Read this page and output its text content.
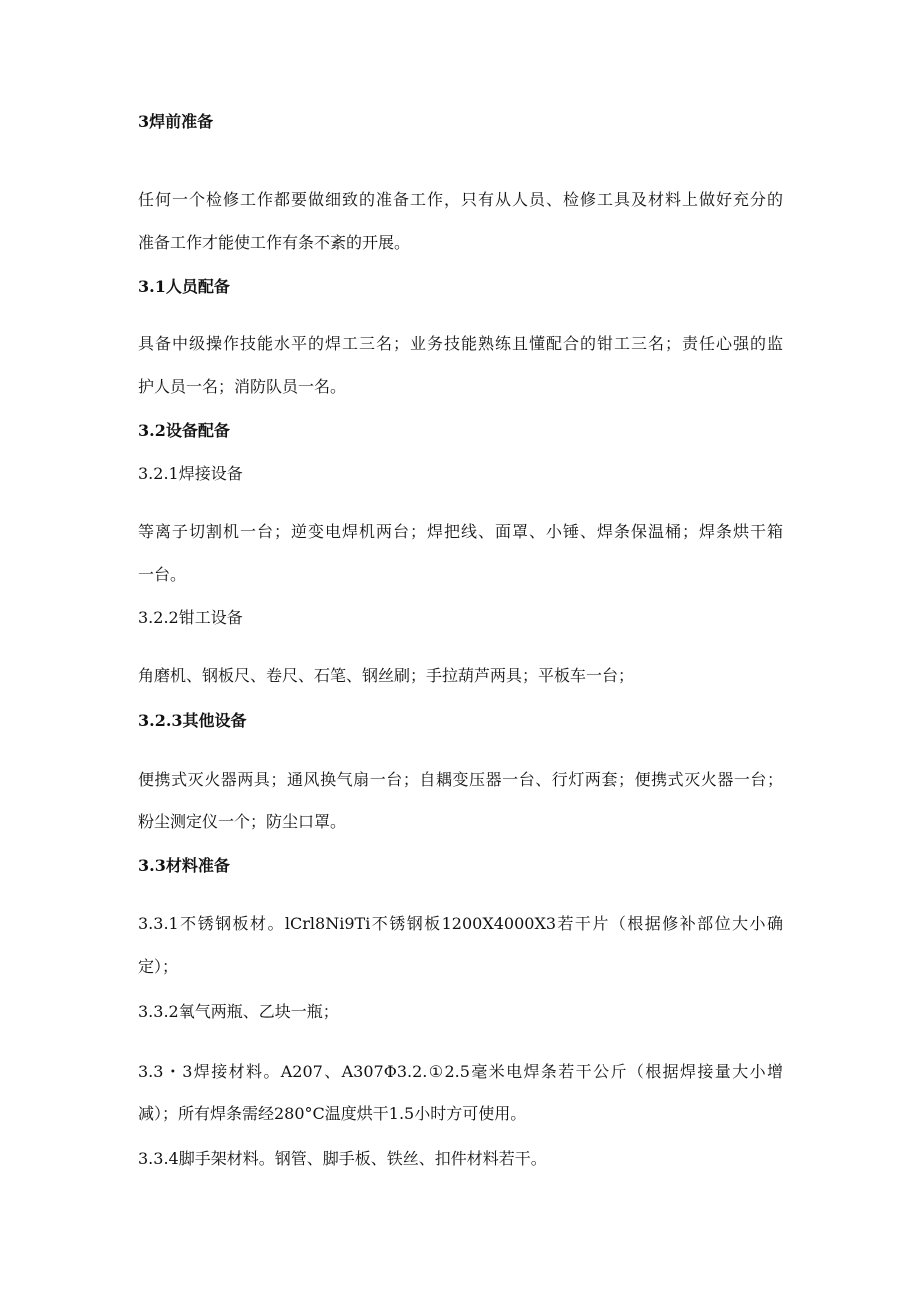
3焊前准备
任何一个检修工作都要做细致的准备工作，只有从人员、检修工具及材料上做好充分的
准备工作才能使工作有条不紊的开展。
3.1人员配备
具备中级操作技能水平的焊工三名；业务技能熟练且懂配合的钳工三名；责任心强的监
护人员一名；消防队员一名。
3.2设备配备
3.2.1焊接设备
等离子切割机一台；逆变电焊机两台；焊把线、面罩、小锤、焊条保温桶；焊条烘干箱
一台。
3.2.2钳工设备
角磨机、钢板尺、卷尺、石笔、钢丝刷；手拉葫芦两具；平板车一台；
3.2.3其他设备
便携式灭火器两具；通风换气扇一台；自耦变压器一台、行灯两套；便携式灭火器一台；
粉尘测定仪一个；防尘口罩。
3.3材料准备
3.3.1不锈钢板材。lCrl8Ni9Ti不锈钢板1200X4000X3若干片（根据修补部位大小确
定）；
3.3.2氧气两瓶、乙块一瓶；
3.3・3焊接材料。A207、A307Φ3.2.①2.5毫米电焊条若干公斤（根据焊接量大小增
减）；所有焊条需经280°C温度烘干1.5小时方可使用。
3.3.4脚手架材料。钢管、脚手板、铁丝、扣件材料若干。
